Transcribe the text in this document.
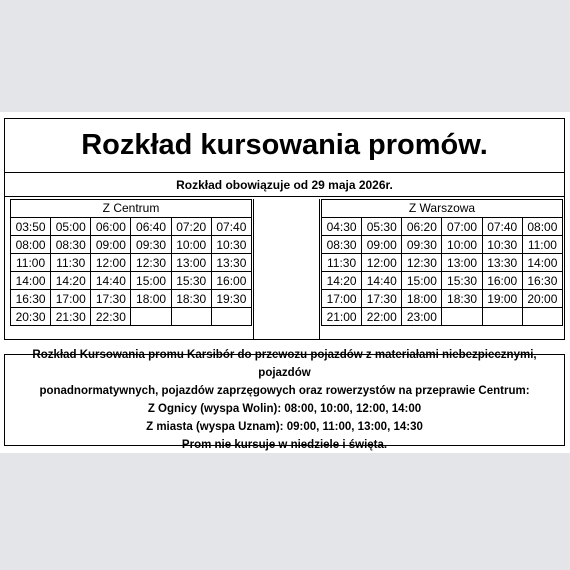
Rozkład kursowania promów.
Rozkład obowiązuje od 29 maja 2026r.
Z Centrum
03:50	05:00	06:00	06:40	07:20	07:40
08:00	08:30	09:00	09:30	10:00	10:30
11:00	11:30	12:00	12:30	13:00	13:30
14:00	14:20	14:40	15:00	15:30	16:00
16:30	17:00	17:30	18:00	18:30	19:30
20:30	21:30	22:30			
Z Warszowa
04:30	05:30	06:20	07:00	07:40	08:00
08:30	09:00	09:30	10:00	10:30	11:00
11:30	12:00	12:30	13:00	13:30	14:00
14:20	14:40	15:00	15:30	16:00	16:30
17:00	17:30	18:00	18:30	19:00	20:00
21:00	22:00	23:00			
Rozkład Kursowania promu Karsibór do przewozu pojazdów z materiałami niebezpiecznymi, pojazdów
ponadnormatywnych, pojazdów zaprzęgowych oraz rowerzystów na przeprawie Centrum:
Z Ognicy (wyspa Wolin): 08:00, 10:00, 12:00, 14:00
Z miasta (wyspa Uznam): 09:00, 11:00, 13:00, 14:30
Prom nie kursuje w niedziele i święta.
